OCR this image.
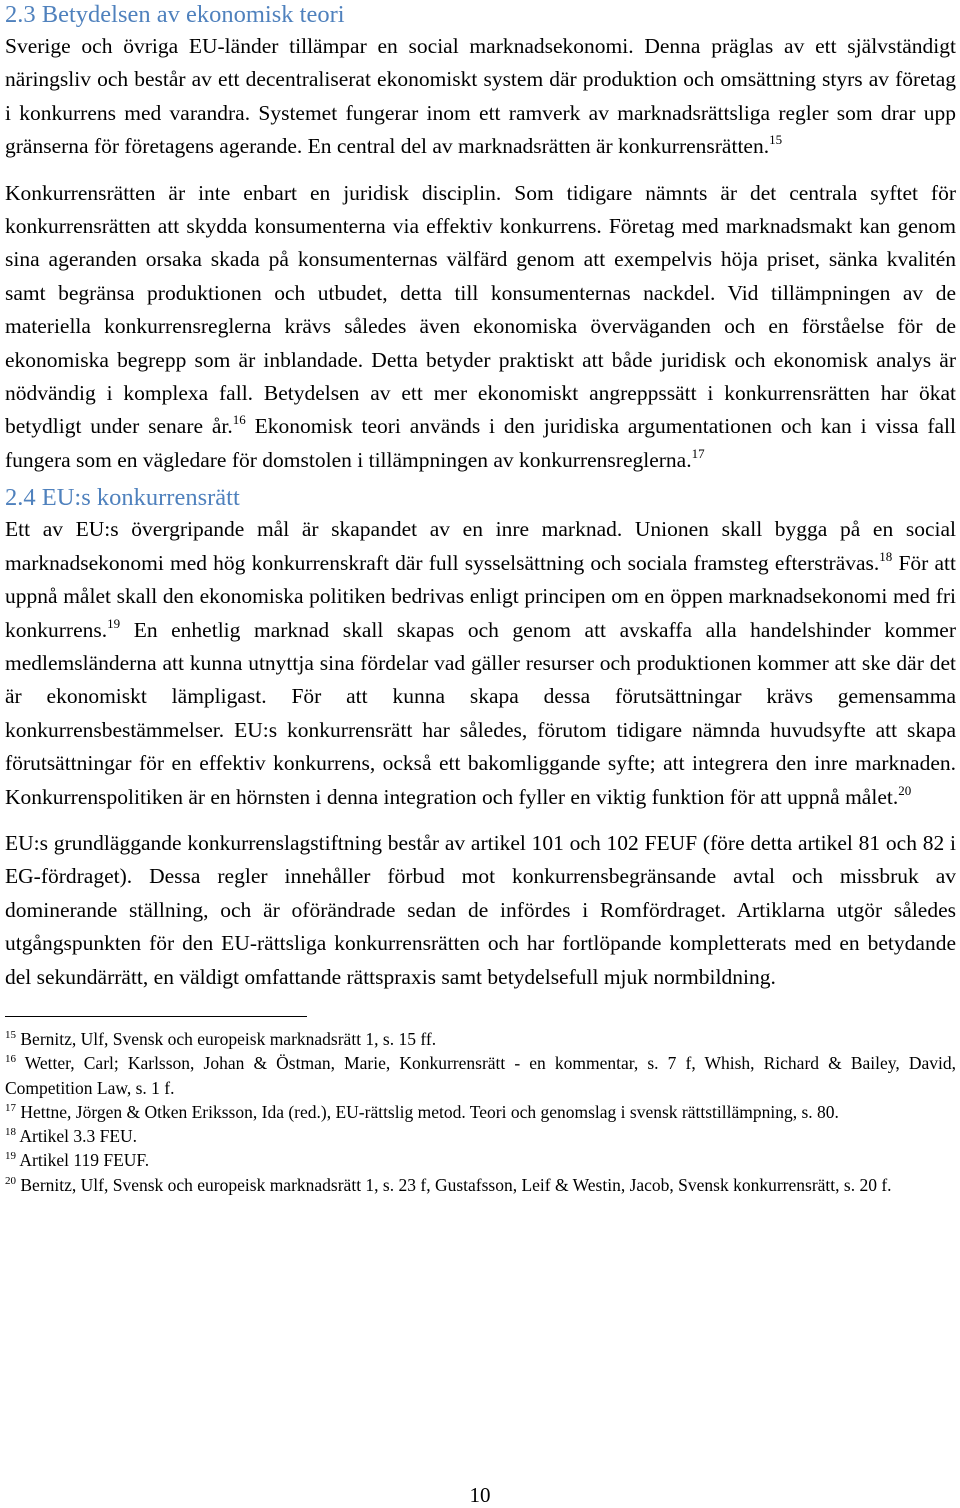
2.3 Betydelsen av ekonomisk teori

Sverige och övriga EU-länder tillämpar en social marknadsekonomi. Denna präglas av ett självständigt näringsliv och består av ett decentraliserat ekonomiskt system där produktion och omsättning styrs av företag i konkurrens med varandra. Systemet fungerar inom ett ramverk av marknadsrättsliga regler som drar upp gränserna för företagens agerande. En central del av marknadsrätten är konkurrensrätten.$^{15}$

Konkurrensrätten är inte enbart en juridisk disciplin. Som tidigare nämnts är det centrala syftet för konkurrensrätten att skydda konsumenterna via effektiv konkurrens. Företag med marknadsmakt kan genom sina ageranden orsaka skada på konsumenternas välfärd genom att exempelvis höja priset, sänka kvalitén samt begränsa produktionen och utbudet, detta till konsumenternas nackdel. Vid tillämpningen av de materiella konkurrensreglerna krävs således även ekonomiska överväganden och en förståelse för de ekonomiska begrepp som är inblandade. Detta betyder praktiskt att både juridisk och ekonomisk analys är nödvändig i komplexa fall. Betydelsen av ett mer ekonomiskt angreppssätt i konkurrensrätten har ökat betydligt under senare år.$^{16}$ Ekonomisk teori används i den juridiska argumentationen och kan i vissa fall fungera som en vägledare för domstolen i tillämpningen av konkurrensreglerna.$^{17}$

2.4 EU:s konkurrensrätt

Ett av EU:s övergripande mål är skapandet av en inre marknad. Unionen skall bygga på en social marknadsekonomi med hög konkurrenskraft där full sysselsättning och sociala framsteg eftersträvas.$^{18}$ För att uppnå målet skall den ekonomiska politiken bedrivas enligt principen om en öppen marknadsekonomi med fri konkurrens.$^{19}$ En enhetlig marknad skall skapas och genom att avskaffa alla handelshinder kommer medlemsländerna att kunna utnyttja sina fördelar vad gäller resurser och produktionen kommer att ske där det är ekonomiskt lämpligast. För att kunna skapa dessa förutsättningar krävs gemensamma konkurrensbestämmelser. EU:s konkurrensrätt har således, förutom tidigare nämnda huvudsyfte att skapa förutsättningar för en effektiv konkurrens, också ett bakomliggande syfte; att integrera den inre marknaden. Konkurrenspolitiken är en hörnsten i denna integration och fyller en viktig funktion för att uppnå målet.$^{20}$

EU:s grundläggande konkurrenslagstiftning består av artikel 101 och 102 FEUF (före detta artikel 81 och 82 i EG-fördraget). Dessa regler innehåller förbud mot konkurrensbegränsande avtal och missbruk av dominerande ställning, och är oförändrade sedan de infördes i Romfördraget. Artiklarna utgör således utgångspunkten för den EU-rättsliga konkurrensrätten och har fortlöpande kompletterats med en betydande del sekundärrätt, en väldigt omfattande rättspraxis samt betydelsefull mjuk normbildning.

$^{15}$ Bernitz, Ulf, Svensk och europeisk marknadsrätt 1, s. 15 ff.
$^{16}$ Wetter, Carl; Karlsson, Johan & Östman, Marie, Konkurrensrätt - en kommentar, s. 7 f, Whish, Richard & Bailey, David, Competition Law, s. 1 f.
$^{17}$ Hettne, Jörgen & Otken Eriksson, Ida (red.), EU-rättslig metod. Teori och genomslag i svensk rättstillämpning, s. 80.
$^{18}$ Artikel 3.3 FEU.
$^{19}$ Artikel 119 FEUF.
$^{20}$ Bernitz, Ulf, Svensk och europeisk marknadsrätt 1, s. 23 f, Gustafsson, Leif & Westin, Jacob, Svensk konkurrensrätt, s. 20 f.
10
